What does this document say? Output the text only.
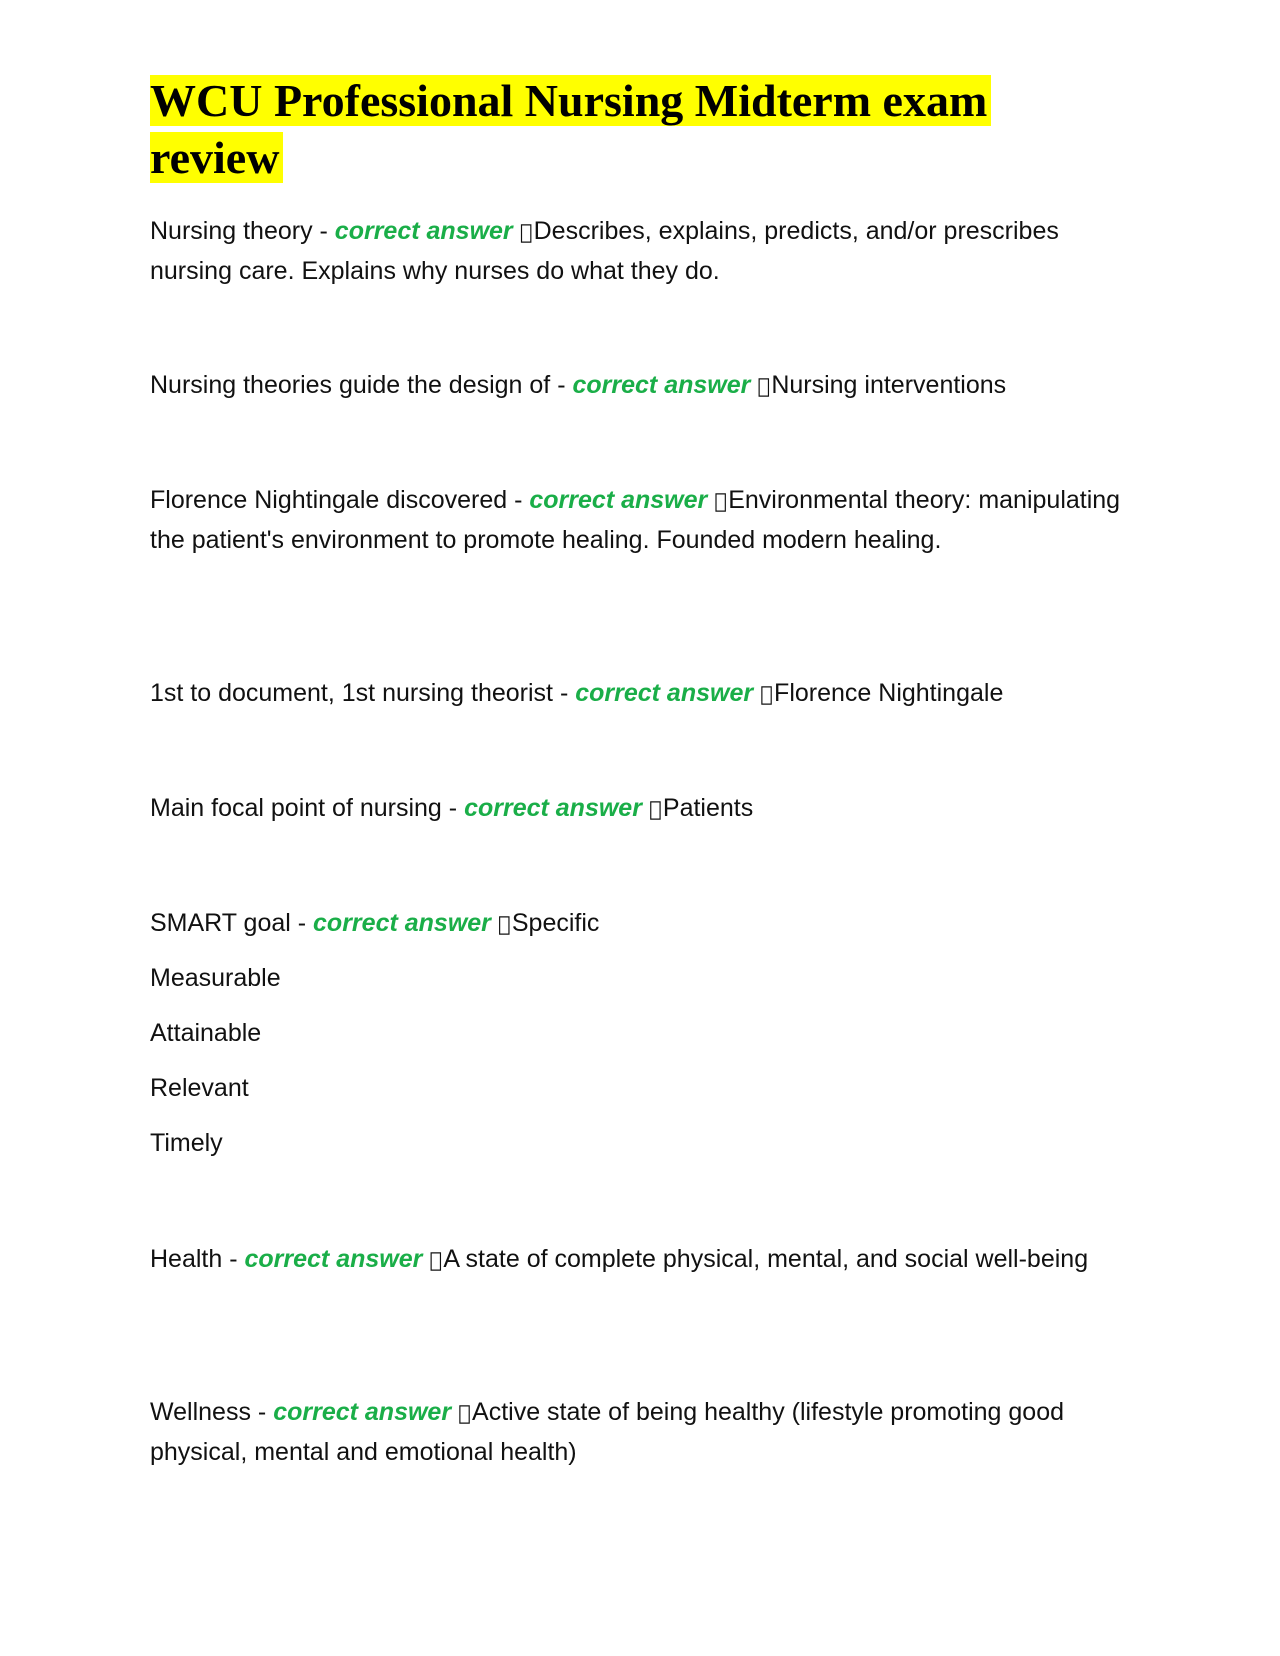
WCU Professional Nursing Midterm exam review

Nursing theory - correct answer Describes, explains, predicts, and/or prescribes nursing care. Explains why nurses do what they do.

Nursing theories guide the design of - correct answer Nursing interventions

Florence Nightingale discovered - correct answer Environmental theory: manipulating the patient's environment to promote healing. Founded modern healing.

1st to document, 1st nursing theorist - correct answer Florence Nightingale

Main focal point of nursing - correct answer Patients

SMART goal - correct answer Specific

Measurable

Attainable

Relevant

Timely

Health - correct answer A state of complete physical, mental, and social well-being

Wellness - correct answer Active state of being healthy (lifestyle promoting good physical, mental and emotional health)
